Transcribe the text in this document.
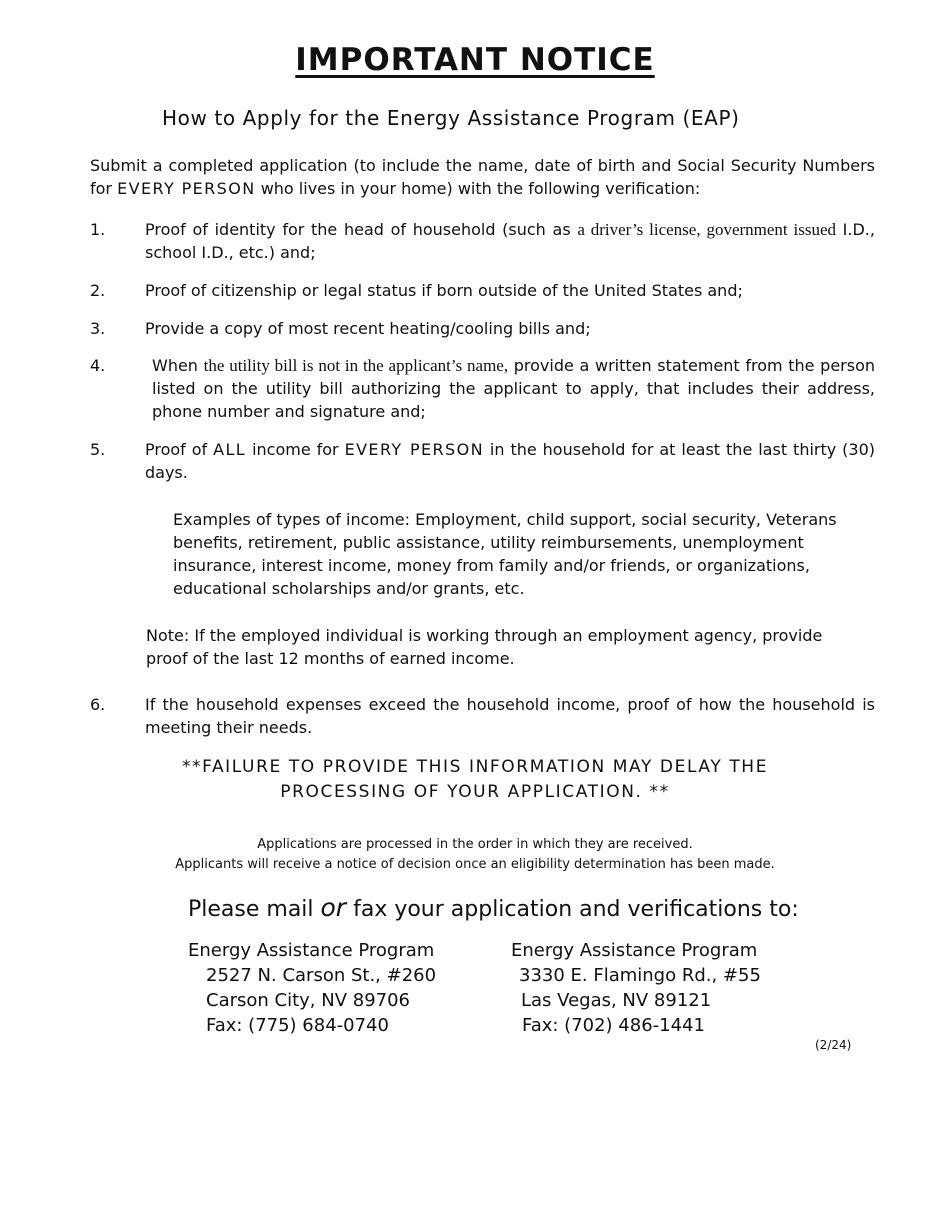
IMPORTANT NOTICE
How to Apply for the Energy Assistance Program (EAP)
Submit a completed application (to include the name, date of birth and Social Security Numbers for EVERY PERSON who lives in your home) with the following verification:
1.	Proof of identity for the head of household (such as a driver’s license, government issued I.D., school I.D., etc.) and;
2.	Proof of citizenship or legal status if born outside of the United States and;
3.	Provide a copy of most recent heating/cooling bills and;
4.	When the utility bill is not in the applicant’s name, provide a written statement from the person listed on the utility bill authorizing the applicant to apply, that includes their address, phone number and signature and;
5.	Proof of ALL income for EVERY PERSON in the household for at least the last thirty (30) days.
Examples of types of income: Employment, child support, social security, Veterans benefits, retirement, public assistance, utility reimbursements, unemployment insurance, interest income, money from family and/or friends, or organizations, educational scholarships and/or grants, etc.
Note: If the employed individual is working through an employment agency, provide proof of the last 12 months of earned income.
6.	If the household expenses exceed the household income, proof of how the household is meeting their needs.
**FAILURE TO PROVIDE THIS INFORMATION MAY DELAY THE
PROCESSING OF YOUR APPLICATION. **
Applications are processed in the order in which they are received.
Applicants will receive a notice of decision once an eligibility determination has been made.
Please mail or fax your application and verifications to:
Energy Assistance Program
2527 N. Carson St., #260
Carson City, NV 89706
Fax: (775) 684-0740
Energy Assistance Program
3330 E. Flamingo Rd., #55
Las Vegas, NV 89121
Fax: (702) 486-1441
(2/24)
